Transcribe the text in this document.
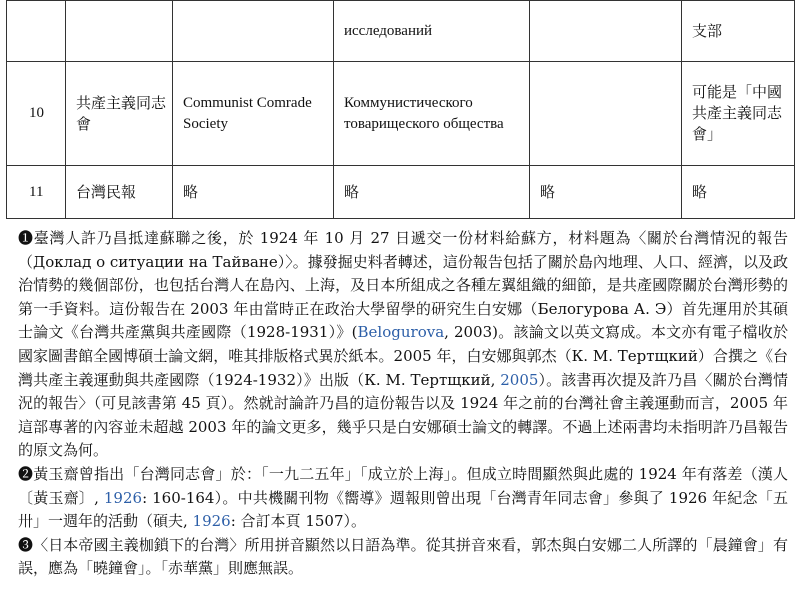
			исследований		支部
10	共產主義同志會	Communist Comrade Society	Коммунистического товарищеского общества		可能是「中國共產主義同志會」
11	台灣民報	略	略	略	略

❶臺灣人許乃昌抵達蘇聯之後，於 1924 年 10 月 27 日遞交一份材料給蘇方，材料題為〈關於台灣情況的報告（Доклад о ситуации на Тайване）〉。據發掘史料者轉述，這份報告包括了關於島內地理、人口、經濟，以及政治情勢的幾個部份，也包括台灣人在島內、上海，及日本所組成之各種左翼組織的細節，是共產國際關於台灣形勢的第一手資料。這份報告在 2003 年由當時正在政治大學留學的研究生白安娜（Белогурова А. Э）首先運用於其碩士論文《台灣共產黨與共產國際（1928-1931）》(Belogurova, 2003)。該論文以英文寫成。本文亦有電子檔收於國家圖書館全國博碩士論文網，唯其排版格式異於紙本。2005 年，白安娜與郭杰（К. М. Тертщкий）合撰之《台灣共產主義運動與共產國際（1924-1932）》出版（К. М. Тертщкий, 2005）。該書再次提及許乃昌〈關於台灣情況的報告〉（可見該書第 45 頁）。然就討論許乃昌的這份報告以及 1924 年之前的台灣社會主義運動而言，2005 年這部專著的內容並未超越 2003 年的論文更多，幾乎只是白安娜碩士論文的轉譯。不過上述兩書均未指明許乃昌報告的原文為何。

❷黃玉齋曾指出「台灣同志會」於：「一九二五年」「成立於上海」。但成立時間顯然與此處的 1924 年有落差（漢人〔黃玉齋〕, 1926: 160-164）。中共機關刊物《嚮導》週報則曾出現「台灣青年同志會」參與了 1926 年紀念「五卅」一週年的活動（碩夫, 1926: 合訂本頁 1507）。

❸〈日本帝國主義枷鎖下的台灣〉所用拼音顯然以日語為準。從其拼音來看，郭杰與白安娜二人所譯的「晨鐘會」有誤，應為「曉鐘會」。「赤華黨」則應無誤。
